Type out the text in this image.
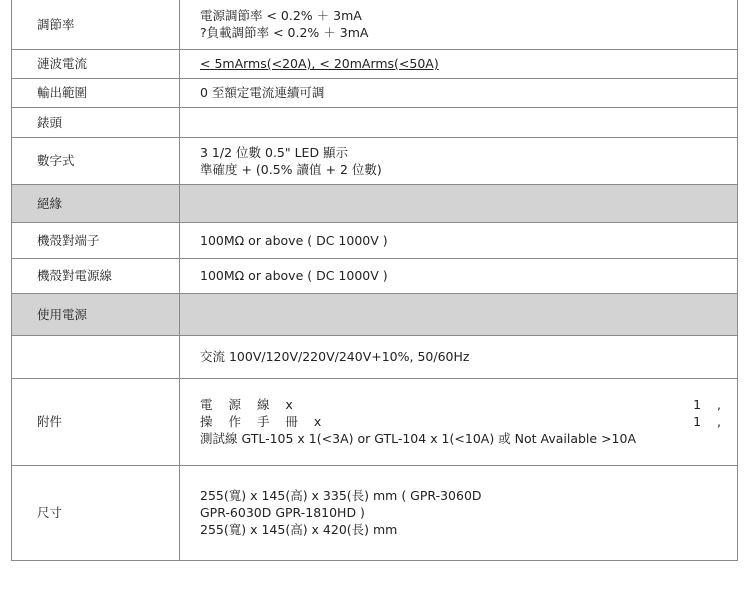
調節率	電源調節率 < 0.2% ＋ 3mA
?負載調節率 < 0.2% ＋ 3mA

漣波電流	< 5mArms(<20A), < 20mArms(<50A)
輸出範圍	0 至額定電流連續可調
錶頭	
數字式	3 1/2 位數 0.5" LED 顯示
準確度 + (0.5% 讀值 + 2 位數)

絕緣	
機殼對端子	100MΩ or above ( DC 1000V )
機殼對電源線	100MΩ or above ( DC 1000V )
使用電源	
	交流 100V/120V/220V/240V+10%, 50/60Hz
附件	電 源 線 x 1 ,
操 作 手 冊 x 1 ,
測試線 GTL-105 x 1(<3A) or GTL-104 x 1(<10A) 或 Not Available >10A

尺寸	255(寬) x 145(高) x 335(長) mm ( GPR-3060D
GPR-6030D GPR-1810HD )
255(寬) x 145(高) x 420(長) mm
